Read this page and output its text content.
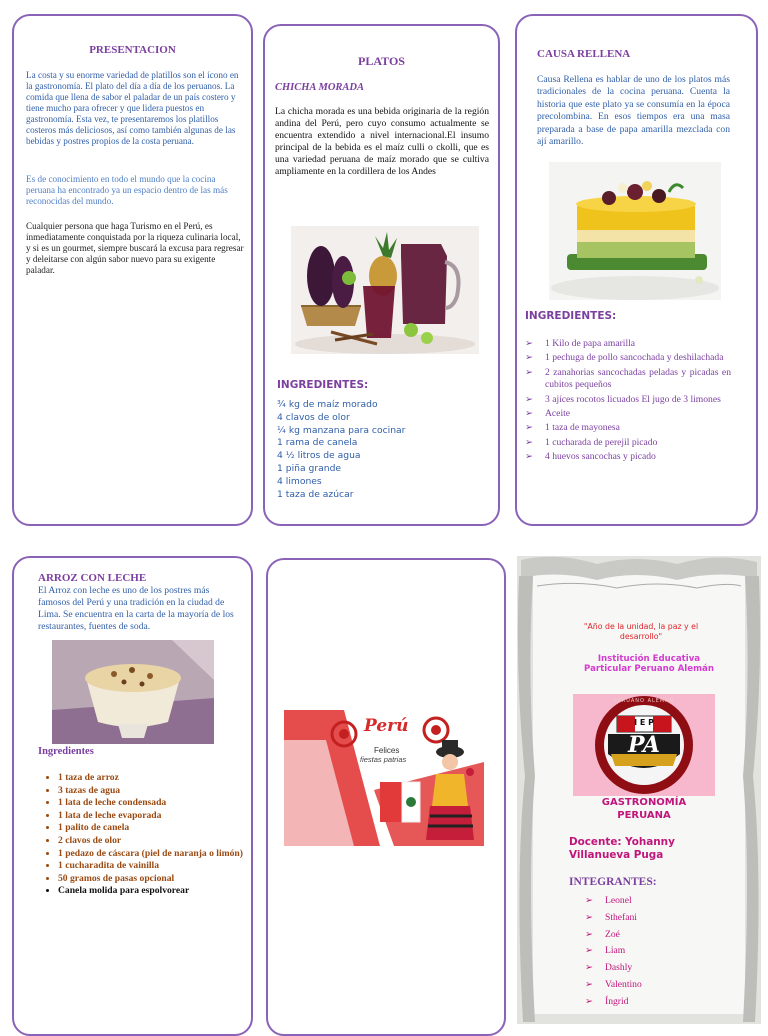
PRESENTACION

La costa y su enorme variedad de platillos son el ícono en la gastronomía. El plato del día a día de los peruanos. La comida que llena de sabor el paladar de un país costero y tiene mucho para ofrecer y que lidera puestos en gastronomía. Esta vez, te presentaremos los platillos costeros más deliciosos, así como también algunas de las bebidas y postres propios de la costa peruana.

Es de conocimiento en todo el mundo que la cocina peruana ha encontrado ya un espacio dentro de las más reconocidas del mundo.

Cualquier persona que haga Turismo en el Perú, es inmediatamente conquistada por la riqueza culinaria local, y si es un gourmet, siempre buscará la excusa para regresar y deleitarse con algún sabor nuevo para su exigente paladar.

PLATOS
CHICHA MORADA

La chicha morada es una bebida originaria de la región andina del Perú, pero cuyo consumo actualmente se encuentra extendido a nivel internacional.El insumo principal de la bebida es el maíz culli o ckolli, que es una variedad peruana de maíz morado que se cultiva ampliamente en la cordillera de los Andes

INGREDIENTES:
¾ kg de maíz morado
4 clavos de olor
¼ kg manzana para cocinar
1 rama de canela
4 ½ litros de agua
1 piña grande
4 limones
1 taza de azúcar
CAUSA RELLENA

Causa Rellena es hablar de uno de los platos más tradicionales de la cocina peruana. Cuenta la historia que este plato ya se consumía en la época precolombina. En esos tiempos era una masa preparada a base de papa amarilla mezclada con ají amarillo.

INGREDIENTES:
➢ 1 Kilo de papa amarilla
➢ 1 pechuga de pollo sancochada y deshilachada
➢ 2 zanahorias sancochadas peladas y picadas en cubitos pequeños
➢ 3 ajíces rocotos licuados El jugo de 3 limones
➢ Aceite
➢ 1 taza de mayonesa
➢ 1 cucharada de perejil picado
➢ 4 huevos sancochas y picado
ARROZ CON LECHE

El Arroz con leche es uno de los postres más famosos del Perú y una tradición en la ciudad de Lima. Se encuentra en la carta de la mayoría de los restaurantes, fuentes de soda.

Ingredientes
• 1 taza de arroz
• 3 tazas de agua
• 1 lata de leche condensada
• 1 lata de leche evaporada
• 1 palito de canela
• 2 clavos de olor
• 1 pedazo de cáscara (piel de naranja o limón)
• 1 cucharadita de vainilla
• 50 gramos de pasas opcional
• Canela molida para espolvorear
Perú
Felices
fiestas patrias
"Año de la unidad, la paz y el desarrollo"
Institución Educativa Particular Peruano Alemán
I E P
PA
PERUANO ALEMAN
GASTRONOMÍA PERUANA
Docente: Yohanny Villanueva Puga
INTEGRANTES:
➢ Leonel
➢ Sthefani
➢ Zoé
➢ Liam
➢ Dashly
➢ Valentino
➢ Íngrid
